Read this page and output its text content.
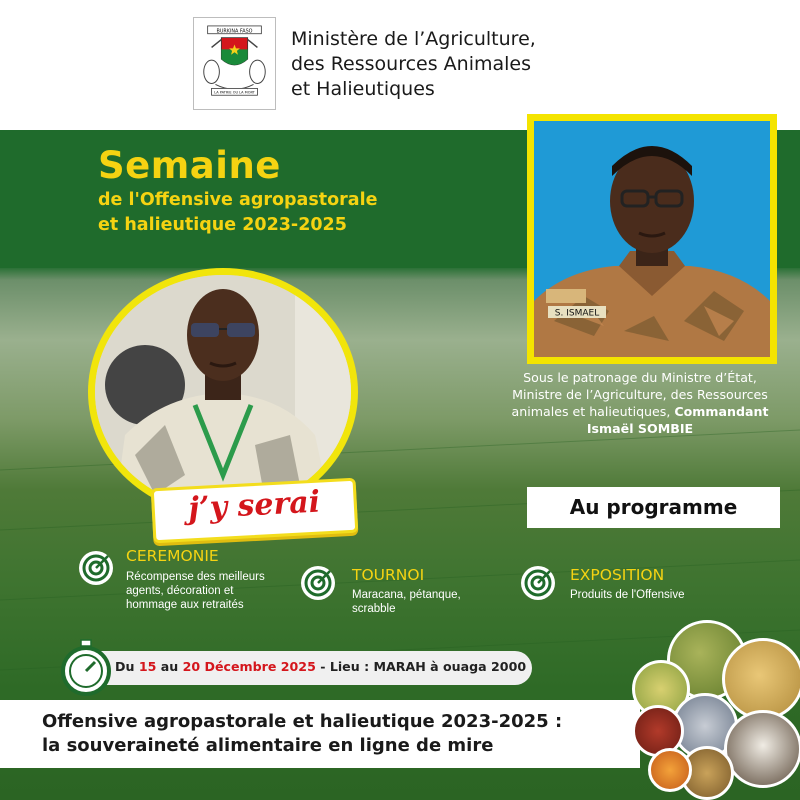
BURKINA FASO
LA PATRIE OU LA MORT
Ministère de l’Agriculture,
des Ressources Animales
et Halieutiques
Semaine
de l'Offensive agropastorale
et halieutique 2023-2025
S. ISMAEL
Sous le patronage du Ministre d’État,
Ministre de l’Agriculture, des Ressources
animales et halieutiques, Commandant
Ismaël SOMBIE
j’y serai	Au programme
CEREMONIE
Récompense des meilleurs
agents, décoration et
hommage aux retraités
TOURNOI
Maracana, pétanque,
scrabble
EXPOSITION
Produits de l'Offensive
Du 15 au 20 Décembre 2025 - Lieu : MARAH à ouaga 2000
Offensive agropastorale et halieutique 2023-2025 :
la souveraineté alimentaire en ligne de mire
